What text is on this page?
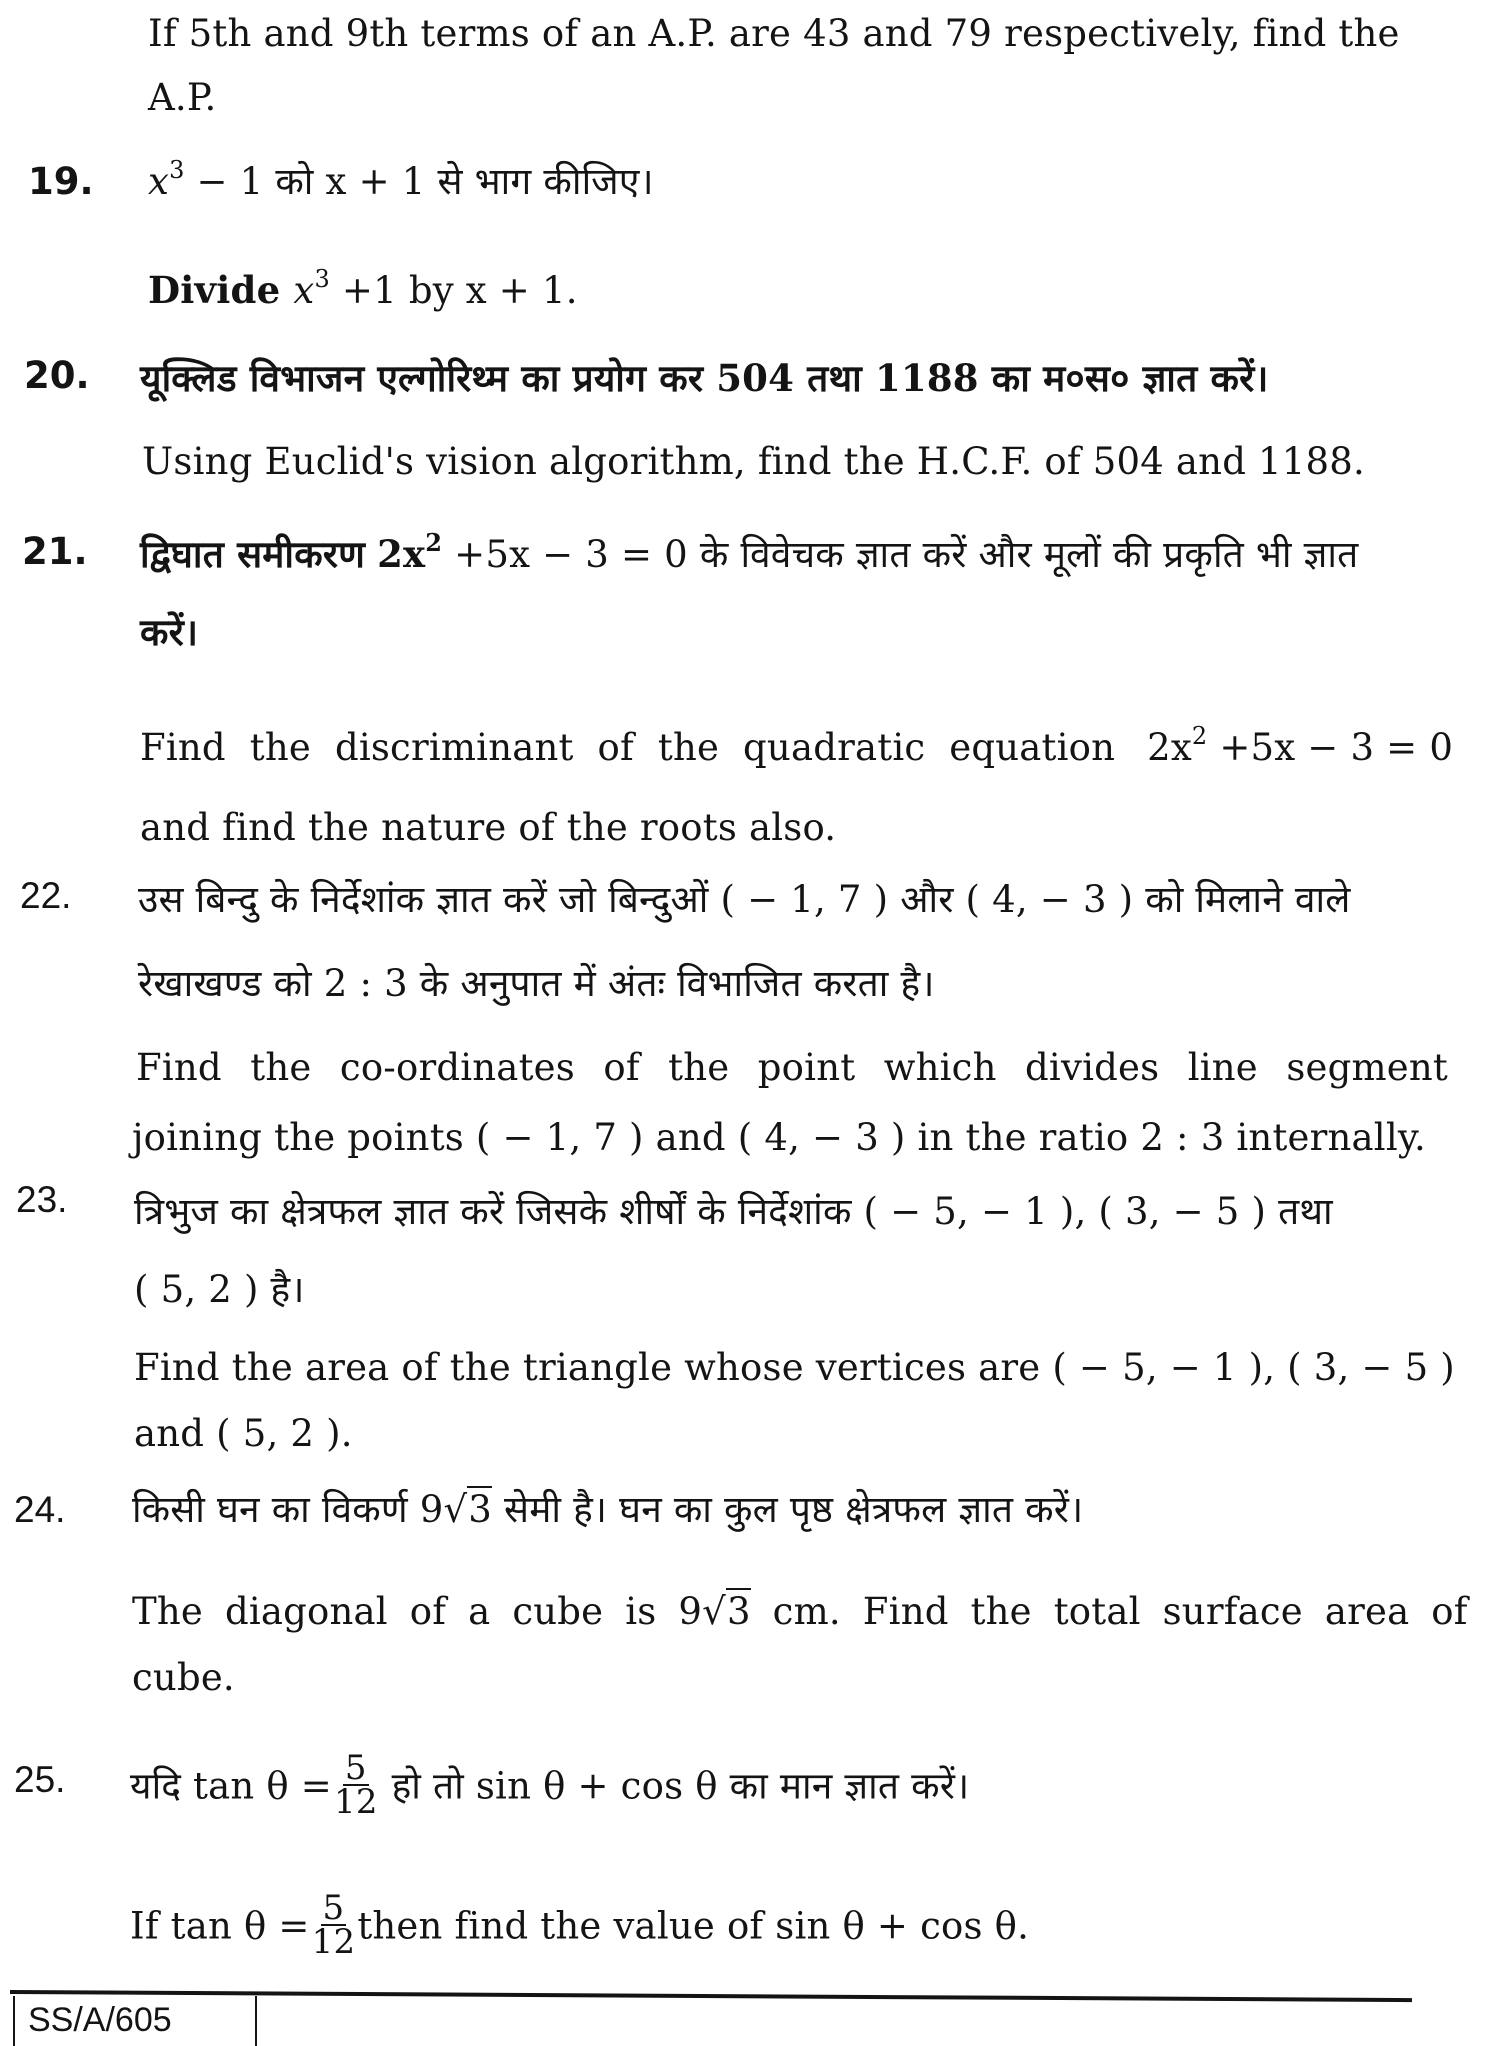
If 5th and 9th terms of an A.P. are 43 and 79 respectively, find the
A.P.
19. $x^3 - 1$ को x + 1 से भाग कीजिए।
Divide $x^3 +1$ by x + 1.
20. यूक्लिड विभाजन एल्गोरिथ्म का प्रयोग कर 504 तथा 1188 का म०स० ज्ञात करें।
Using Euclid's vision algorithm, find the H.C.F. of 504 and 1188.
21. द्विघात समीकरण $2x^2 +5x - 3 = 0$ के विवेचक ज्ञात करें और मूलों की प्रकृति भी ज्ञात
करें।
Find the discriminant of the quadratic equation $2x^2 +5x - 3 = 0$
and find the nature of the roots also.
22. उस बिन्दु के निर्देशांक ज्ञात करें जो बिन्दुओं ( − 1, 7 ) और ( 4, − 3 ) को मिलाने वाले
रेखाखण्ड को 2 : 3 के अनुपात में अंतः विभाजित करता है।
Find the co-ordinates of the point which divides line segment
joining the points ( − 1, 7 ) and ( 4, − 3 ) in the ratio 2 : 3 internally.
23. त्रिभुज का क्षेत्रफल ज्ञात करें जिसके शीर्षों के निर्देशांक ( − 5, − 1 ), ( 3, − 5 ) तथा
( 5, 2 ) है।
Find the area of the triangle whose vertices are ( − 5, − 1 ), ( 3, − 5 )
and ( 5, 2 ).
24. किसी घन का विकर्ण 9√3 सेमी है। घन का कुल पृष्ठ क्षेत्रफल ज्ञात करें।
The diagonal of a cube is 9√3 cm. Find the total surface area of
cube.
25. यदि $\tan \theta = \frac{5}{12}$ हो तो sin θ + cos θ का मान ज्ञात करें।
If $\tan \theta = \frac{5}{12}$ then find the value of sin θ + cos θ.
SS/A/605
